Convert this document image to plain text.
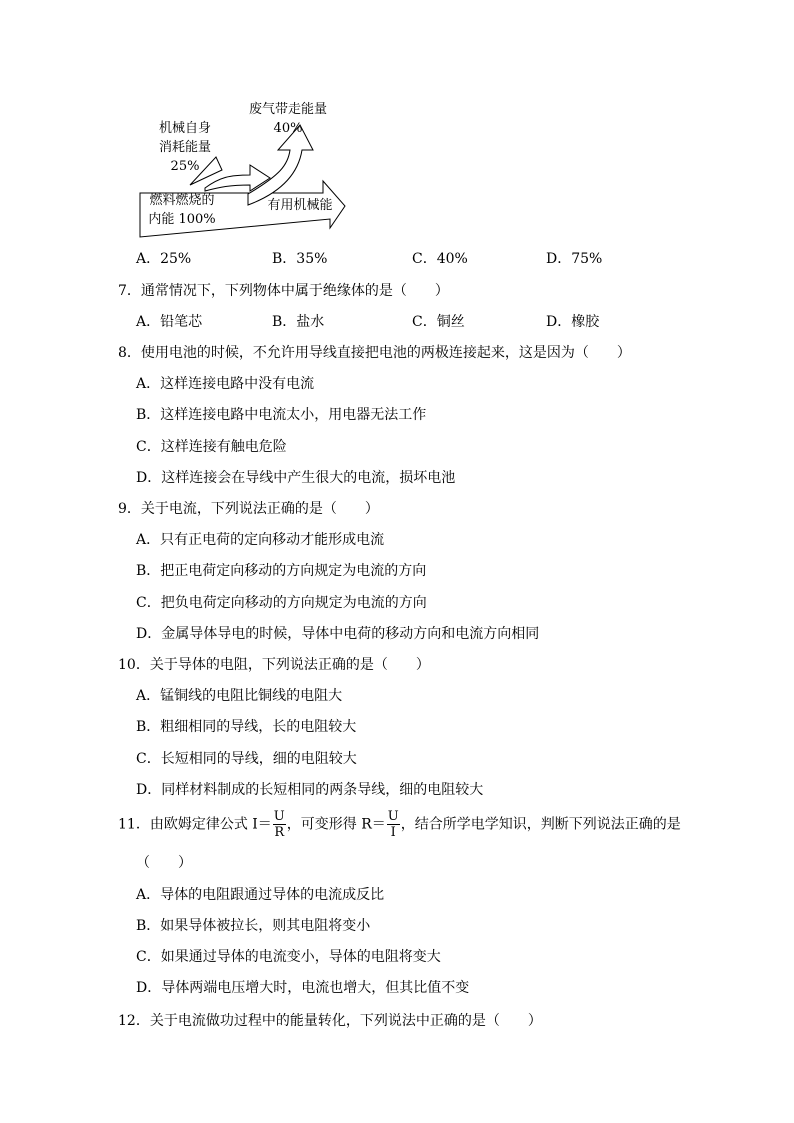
废气带走能量
40%
机械自身
消耗能量
25%
燃料燃烧的
内能 100%
有用机械能
A．25%	B．35%	C．40%	D．75%
7．通常情况下，下列物体中属于绝缘体的是（　　）
A．铅笔芯	B．盐水	C．铜丝	D．橡胶
8．使用电池的时候，不允许用导线直接把电池的两极连接起来，这是因为（　　）
A．这样连接电路中没有电流
B．这样连接电路中电流太小，用电器无法工作
C．这样连接有触电危险
D．这样连接会在导线中产生很大的电流，损坏电池
9．关于电流，下列说法正确的是（　　）
A．只有正电荷的定向移动才能形成电流
B．把正电荷定向移动的方向规定为电流的方向
C．把负电荷定向移动的方向规定为电流的方向
D．金属导体导电的时候，导体中电荷的移动方向和电流方向相同
10．关于导体的电阻，下列说法正确的是（　　）
A．锰铜线的电阻比铜线的电阻大
B．粗细相同的导线，长的电阻较大
C．长短相同的导线，细的电阻较大
D．同样材料制成的长短相同的两条导线，细的电阻较大
11．由欧姆定律公式 $I= \frac{U}{R}$ ，可变形得 $R= \frac{U}{I}$ ，结合所学电学知识，判断下列说法正确的是
（　　）
A．导体的电阻跟通过导体的电流成反比
B．如果导体被拉长，则其电阻将变小
C．如果通过导体的电流变小，导体的电阻将变大
D．导体两端电压增大时，电流也增大，但其比值不变
12．关于电流做功过程中的能量转化，下列说法中正确的是（　　）
